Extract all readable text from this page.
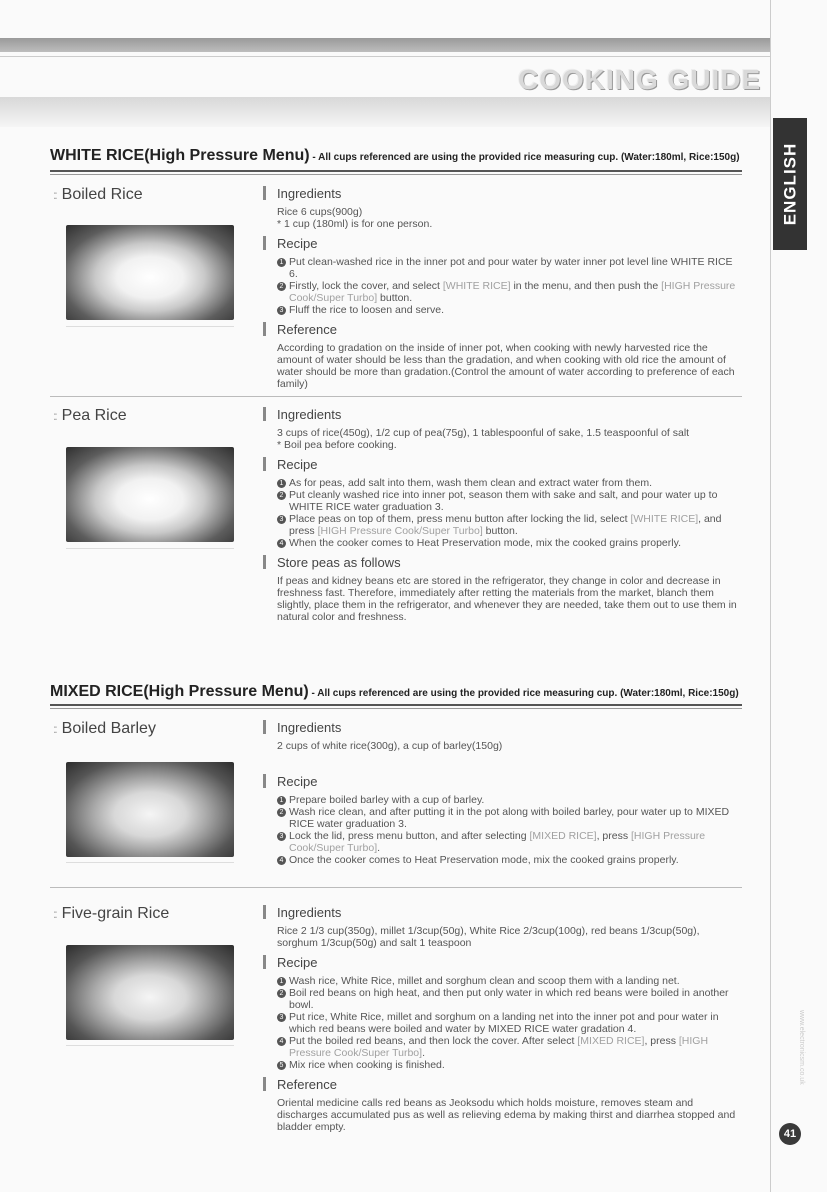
COOKING GUIDE
ENGLISH
www.electronicsm.co.uk
41
WHITE RICE(High Pressure Menu) - All cups referenced are using the provided rice measuring cup. (Water:180ml, Rice:150g)
:: Boiled Rice	Ingredients
Rice 6 cups(900g)
* 1 cup (180ml) is for one person.
Recipe
1 Put clean-washed rice in the inner pot and pour water by water inner pot level line WHITE RICE 6.
2 Firstly, lock the cover, and select [WHITE RICE] in the menu, and then push the [HIGH Pressure Cook/Super Turbo] button.
3 Fluff the rice to loosen and serve.
Reference
According to gradation on the inside of inner pot, when cooking with newly harvested rice the amount of water should be less than the gradation, and when cooking with old rice the amount of water should be more than gradation.(Control the amount of water according to preference of each family)
:: Pea Rice	Ingredients
3 cups of rice(450g), 1/2 cup of pea(75g), 1 tablespoonful of sake, 1.5 teaspoonful of salt
* Boil pea before cooking.
Recipe
1 As for peas, add salt into them, wash them clean and extract water from them.
2 Put cleanly washed rice into inner pot, season them with sake and salt, and pour water up to WHITE RICE water graduation 3.
3 Place peas on top of them, press menu button after locking the lid, select [WHITE RICE], and press [HIGH Pressure Cook/Super Turbo] button.
4 When the cooker comes to Heat Preservation mode, mix the cooked grains properly.
Store peas as follows
If peas and kidney beans etc are stored in the refrigerator, they change in color and decrease in freshness fast. Therefore, immediately after retting the materials from the market, blanch them slightly, place them in the refrigerator, and whenever they are needed, take them out to use them in natural color and freshness.
MIXED RICE(High Pressure Menu) - All cups referenced are using the provided rice measuring cup. (Water:180ml, Rice:150g)
:: Boiled Barley	Ingredients
2 cups of white rice(300g), a cup of barley(150g)
Recipe
1 Prepare boiled barley with a cup of barley.
2 Wash rice clean, and after putting it in the pot along with boiled barley, pour water up to MIXED RICE water graduation 3.
3 Lock the lid, press menu button, and after selecting [MIXED RICE], press [HIGH Pressure Cook/Super Turbo].
4 Once the cooker comes to Heat Preservation mode, mix the cooked grains properly.
:: Five-grain Rice	Ingredients
Rice 2 1/3 cup(350g), millet 1/3cup(50g), White Rice 2/3cup(100g), red beans 1/3cup(50g), sorghum 1/3cup(50g) and salt 1 teaspoon
Recipe
1 Wash rice, White Rice, millet and sorghum clean and scoop them with a landing net.
2 Boil red beans on high heat, and then put only water in which red beans were boiled in another bowl.
3 Put rice, White Rice, millet and sorghum on a landing net into the inner pot and pour water in which red beans were boiled and water by MIXED RICE water gradation 4.
4 Put the boiled red beans, and then lock the cover. After select [MIXED RICE], press [HIGH Pressure Cook/Super Turbo].
5 Mix rice when cooking is finished.
Reference
Oriental medicine calls red beans as Jeoksodu which holds moisture, removes steam and discharges accumulated pus as well as relieving edema by making thirst and diarrhea stopped and bladder empty.
